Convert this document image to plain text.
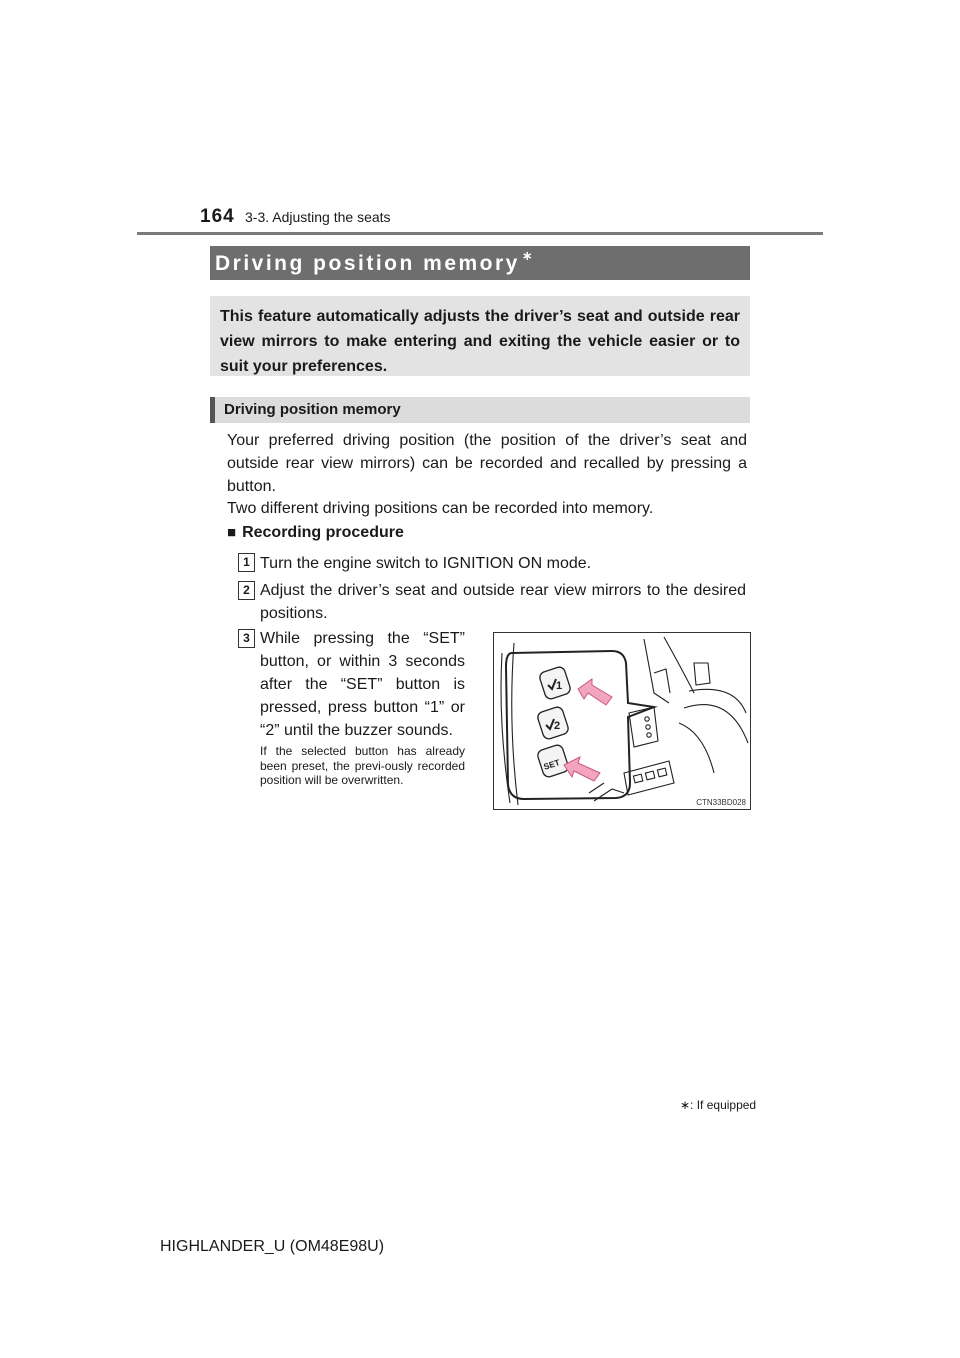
164 3-3. Adjusting the seats
Driving position memory ∗
This feature automatically adjusts the driver’s seat and outside rear view mirrors to make entering and exiting the vehicle easier or to suit your preferences.
Driving position memory
Your preferred driving position (the position of the driver’s seat and outside rear view mirrors) can be recorded and recalled by pressing a button.
Two different driving positions can be recorded into memory.
■ Recording procedure
1 Turn the engine switch to IGNITION ON mode.
2 Adjust the driver’s seat and outside rear view mirrors to the desired positions.
3 While pressing the “SET” button, or within 3 seconds after the “SET” button is pressed, press button “1” or “2” until the buzzer sounds.
If the selected button has already been preset, the previ-ously recorded position will be overwritten.
1
2
SET
CTN33BD028
∗: If equipped
HIGHLANDER_U (OM48E98U)
